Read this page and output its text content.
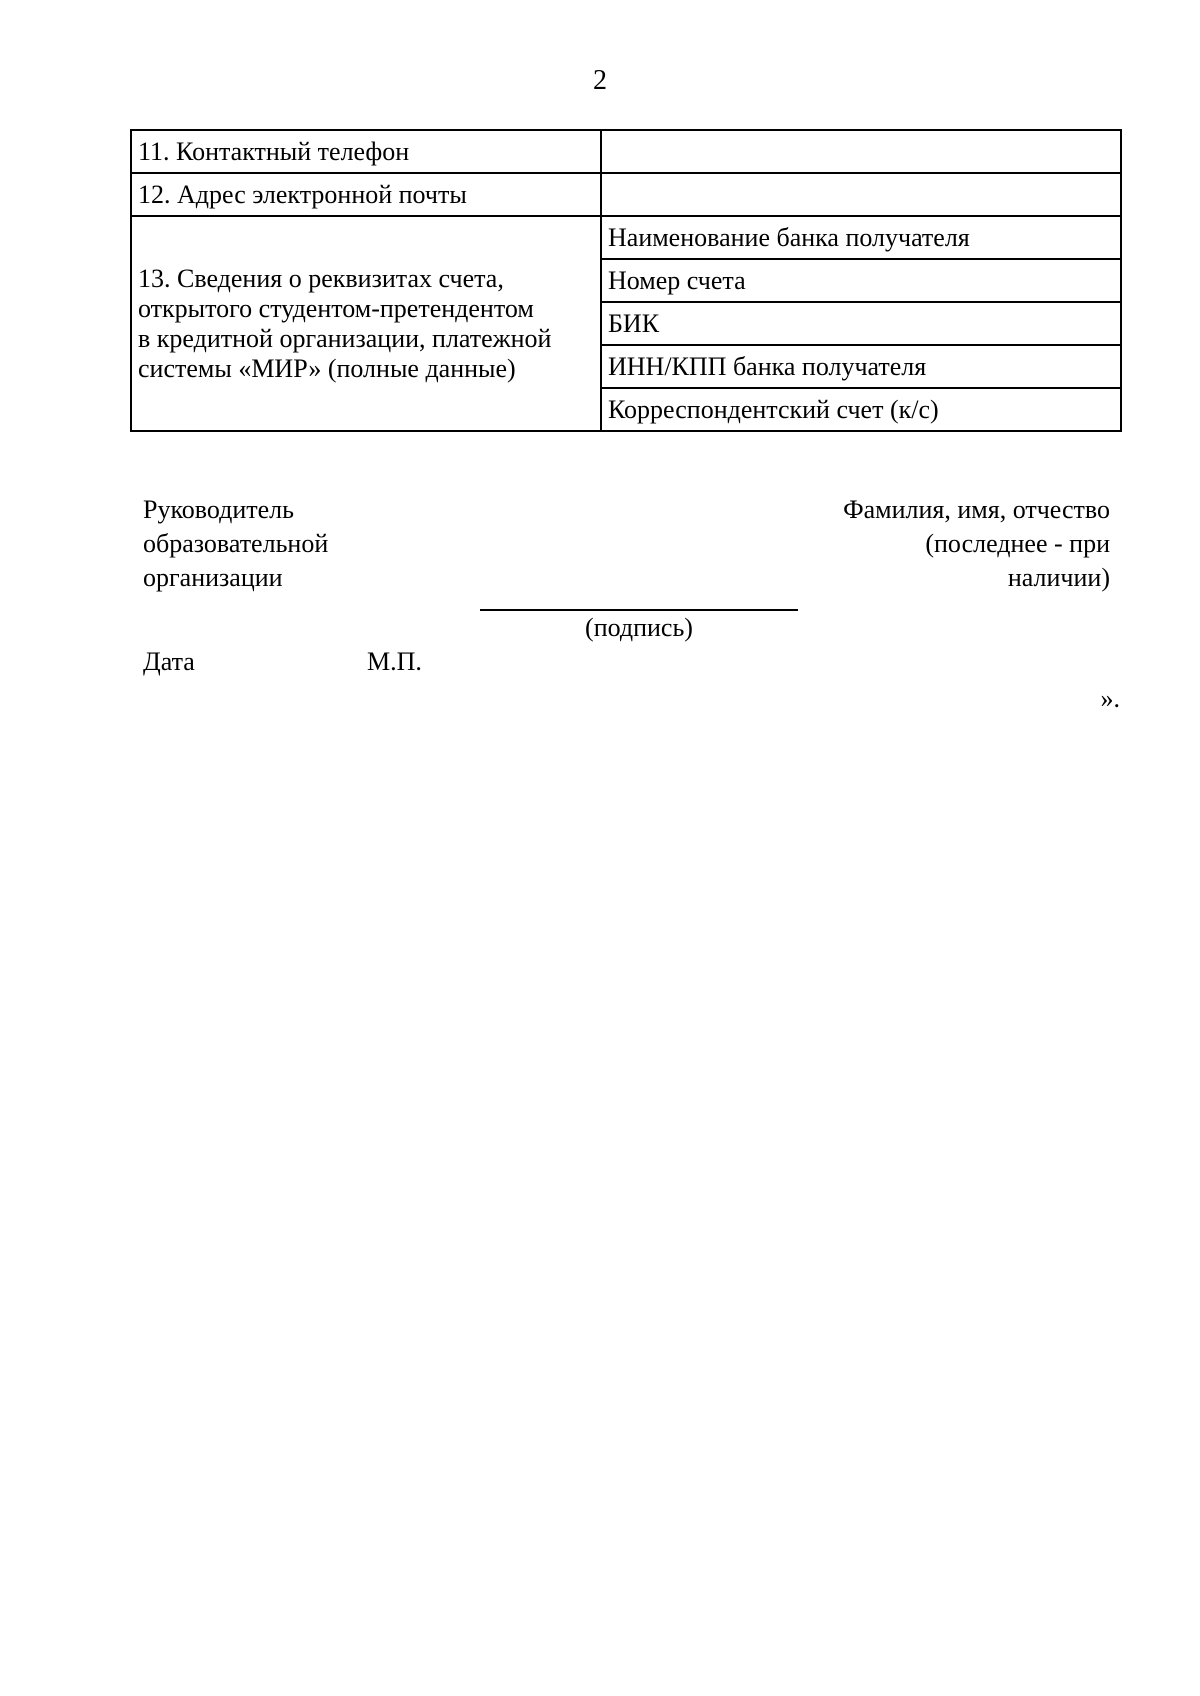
2
11. Контактный телефон	
12. Адрес электронной почты	

13. Сведения о реквизитах счета,
открытого студентом-претендентом
в кредитной организации, платежной
системы «МИР» (полные данные)	Наименование банка получателя
	Номер счета
	БИК
	ИНН/КПП банка получателя
	Корреспондентский счет (к/с)
Руководитель
образовательной
организации
Фамилия, имя, отчество
(последнее - при
наличии)
(подпись)
Дата	М.П.
».
